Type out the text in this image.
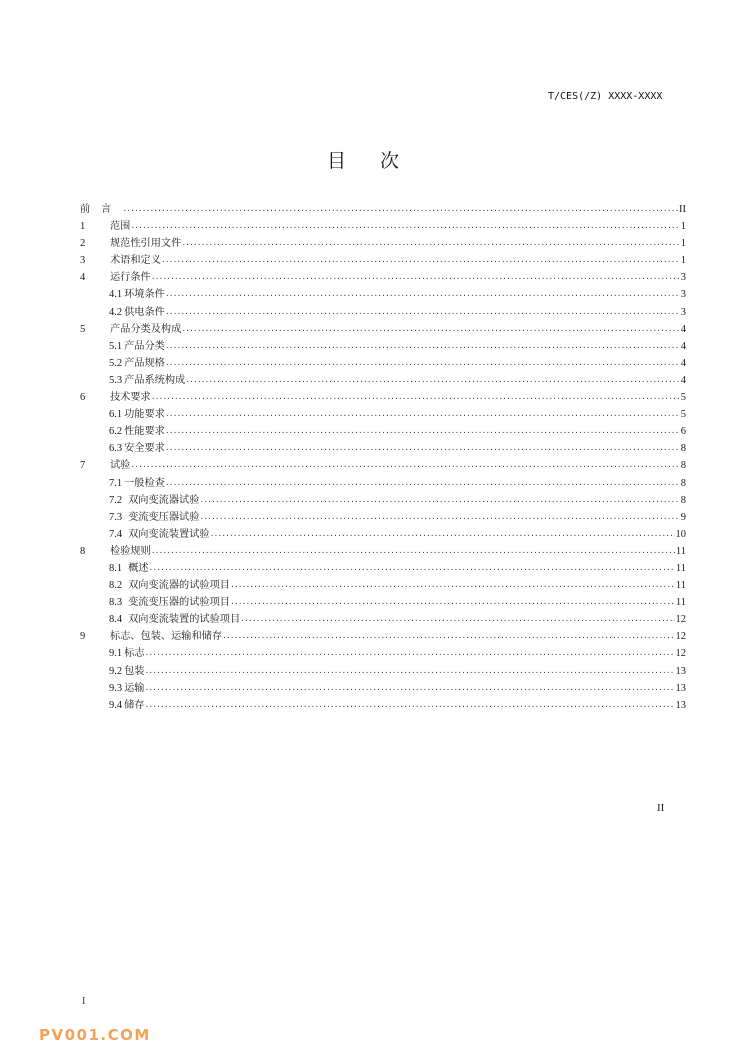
T/CES(/Z) XXXX-XXXX
目次
前言 .....	II
1	范围 .....	1
2	规范性引用文件 .....	1
3	术语和定义 .....	1
4	运行条件 .....	3
4.1 环境条件 .....	3
4.2 供电条件 .....	3
5	产品分类及构成 .....	4
5.1 产品分类 .....	4
5.2 产品规格 .....	4
5.3 产品系统构成 .....	4
6	技术要求 .....	5
6.1 功能要求 .....	5
6.2 性能要求 .....	6
6.3 安全要求 .....	8
7	试验 .....	8
7.1 一般检查 .....	8
7.2 双向变流器试验 .....	8
7.3 变流变压器试验 .....	9
7.4 双向变流装置试验 .....	10
8	检验规则 .....	11
8.1 概述 .....	11
8.2 双向变流器的试验项目 .....	11
8.3 变流变压器的试验项目 .....	11
8.4 双向变流装置的试验项目 .....	12
9	标志、包装、运输和储存 .....	12
9.1 标志 .....	12
9.2 包装 .....	13
9.3 运输 .....	13
9.4 储存 .....	13
II
I
PV001.COM
